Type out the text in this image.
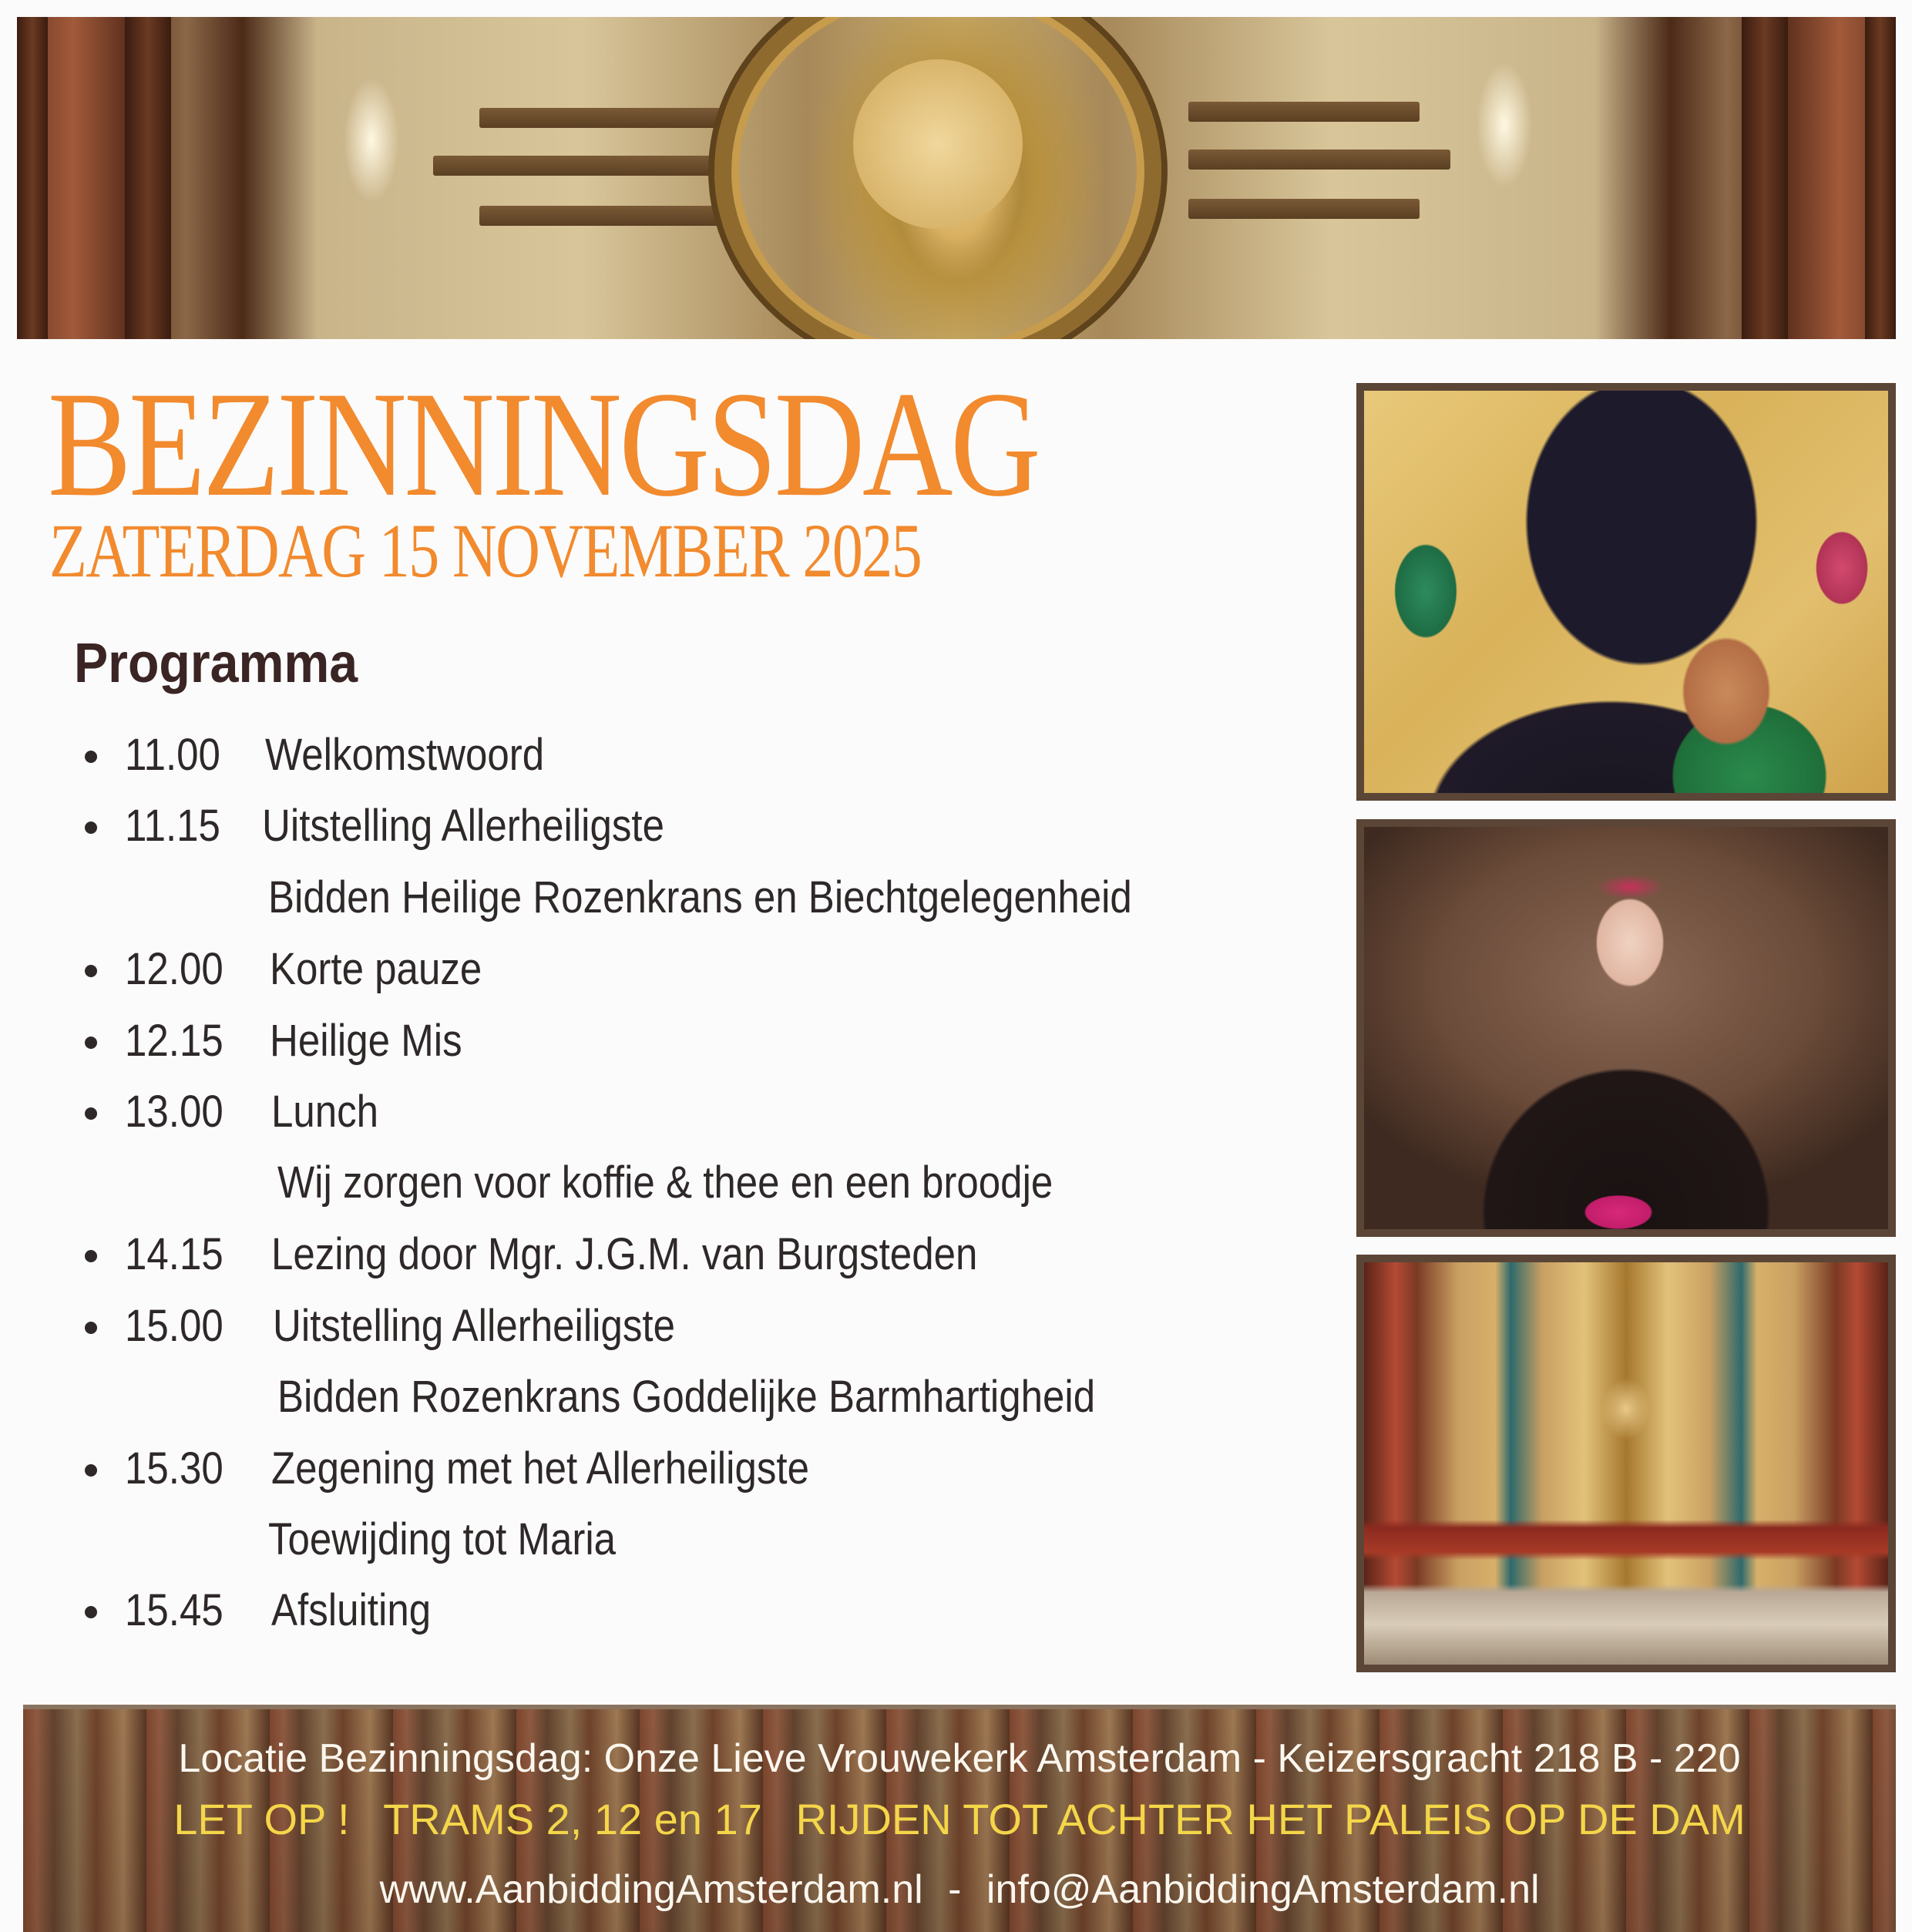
BEZINNINGSDAG
ZATERDAG 15 NOVEMBER 2025
Programma
11.00 Welkomstwoord
11.15 Uitstelling Allerheiligste
Bidden Heilige Rozenkrans en Biechtgelegenheid
12.00 Korte pauze
12.15 Heilige Mis
13.00 Lunch
Wij zorgen voor koffie & thee en een broodje
14.15 Lezing door Mgr. J.G.M. van Burgsteden
15.00 Uitstelling Allerheiligste
Bidden Rozenkrans Goddelijke Barmhartigheid
15.30 Zegening met het Allerheiligste
Toewijding tot Maria
15.45 Afsluiting
Locatie Bezinningsdag: Onze Lieve Vrouwekerk Amsterdam - Keizersgracht 218 B - 220
LET OP ! TRAMS 2, 12 en 17 RIJDEN TOT ACHTER HET PALEIS OP DE DAM
www.AanbiddingAmsterdam.nl - info@AanbiddingAmsterdam.nl
